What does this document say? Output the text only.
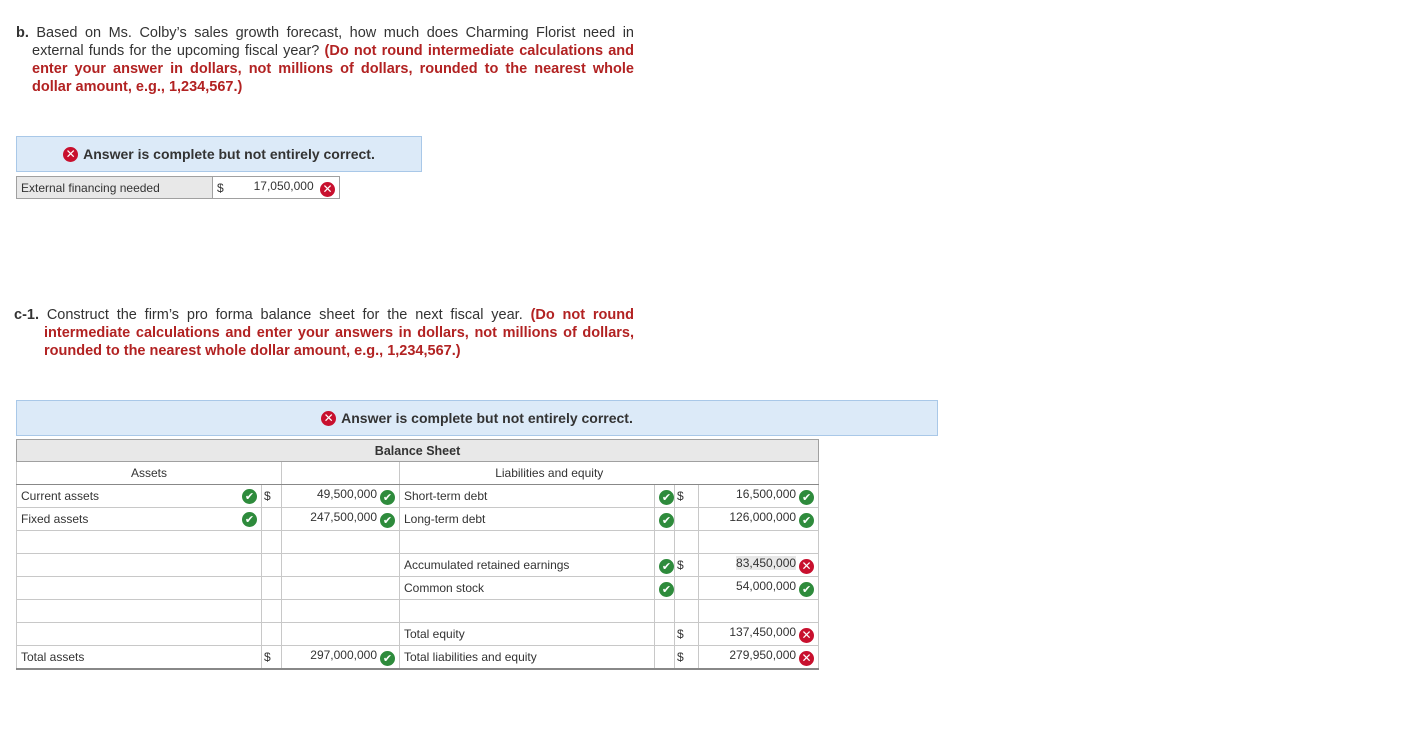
b. Based on Ms. Colby’s sales growth forecast, how much does Charming Florist need in external funds for the upcoming fiscal year? (Do not round intermediate calculations and enter your answer in dollars, not millions of dollars, rounded to the nearest whole dollar amount, e.g., 1,234,567.)
✕ Answer is complete but not entirely correct.
External financing needed	$	17,050,000 ✕
c-1. Construct the firm’s pro forma balance sheet for the next fiscal year. (Do not round intermediate calculations and enter your answers in dollars, not millions of dollars, rounded to the nearest whole dollar amount, e.g., 1,234,567.)
✕ Answer is complete but not entirely correct.
Balance Sheet						
Assets			Liabilities and equity			
Current assets ✔	$	49,500,000 ✔	Short-term debt	✔	$	16,500,000 ✔
Fixed assets ✔		247,500,000 ✔	Long-term debt	✔		126,000,000 ✔

			Accumulated retained earnings	✔	$	83,450,000 ✕
			Common stock	✔		54,000,000 ✔

			Total equity		$	137,450,000 ✕
Total assets	$	297,000,000 ✔	Total liabilities and equity		$	279,950,000 ✕
